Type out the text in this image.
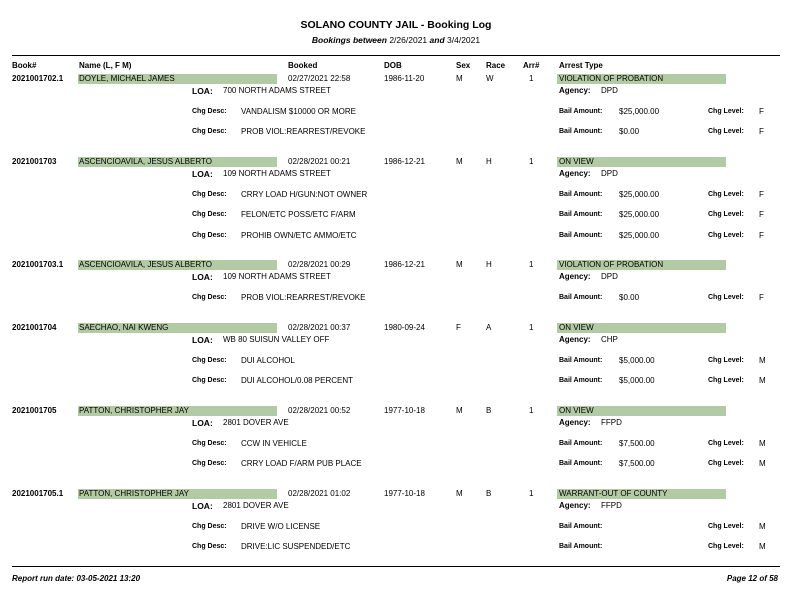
SOLANO COUNTY JAIL - Booking Log
Bookings between 2/26/2021 and 3/4/2021
Book#	Name (L, F M)	Booked	DOB	Sex Race Arr# Arrest Type
2021001702.1 DOYLE, MICHAEL JAMES	02/27/2021 22:58	1986-11-20	M	W	1	VIOLATION OF PROBATION
LOA: 700 NORTH ADAMS STREET	Agency: DPD
Chg Desc: VANDALISM $10000 OR MORE	Bail Amount: $25,000.00	Chg Level: F
Chg Desc: PROB VIOL:REARREST/REVOKE	Bail Amount: $0.00	Chg Level: F
2021001703	ASCENCIOAVILA, JESUS ALBERTO	02/28/2021 00:21	1986-12-21	M	H	1	ON VIEW
LOA: 109 NORTH ADAMS STREET	Agency: DPD
Chg Desc: CRRY LOAD H/GUN:NOT OWNER	Bail Amount: $25,000.00	Chg Level: F
Chg Desc: FELON/ETC POSS/ETC F/ARM	Bail Amount: $25,000.00	Chg Level: F
Chg Desc: PROHIB OWN/ETC AMMO/ETC	Bail Amount: $25,000.00	Chg Level: F
2021001703.1 ASCENCIOAVILA, JESUS ALBERTO	02/28/2021 00:29	1986-12-21	M	H	1	VIOLATION OF PROBATION
LOA: 109 NORTH ADAMS STREET	Agency: DPD
Chg Desc: PROB VIOL:REARREST/REVOKE	Bail Amount: $0.00	Chg Level: F
2021001704	SAECHAO, NAI KWENG	02/28/2021 00:37	1980-09-24	F	A	1	ON VIEW
LOA: WB 80 SUISUN VALLEY OFF	Agency: CHP
Chg Desc: DUI ALCOHOL	Bail Amount: $5,000.00	Chg Level: M
Chg Desc: DUI ALCOHOL/0.08 PERCENT	Bail Amount: $5,000.00	Chg Level: M
2021001705	PATTON, CHRISTOPHER JAY	02/28/2021 00:52	1977-10-18	M	B	1	ON VIEW
LOA: 2801 DOVER AVE	Agency: FFPD
Chg Desc: CCW IN VEHICLE	Bail Amount: $7,500.00	Chg Level: M
Chg Desc: CRRY LOAD F/ARM PUB PLACE	Bail Amount: $7,500.00	Chg Level: M
2021001705.1 PATTON, CHRISTOPHER JAY	02/28/2021 01:02	1977-10-18	M	B	1	WARRANT-OUT OF COUNTY
LOA: 2801 DOVER AVE	Agency: FFPD
Chg Desc: DRIVE W/O LICENSE	Bail Amount:	Chg Level: M
Chg Desc: DRIVE:LIC SUSPENDED/ETC	Bail Amount:	Chg Level: M
Report run date: 03-05-2021 13:20	Page 12 of 58
